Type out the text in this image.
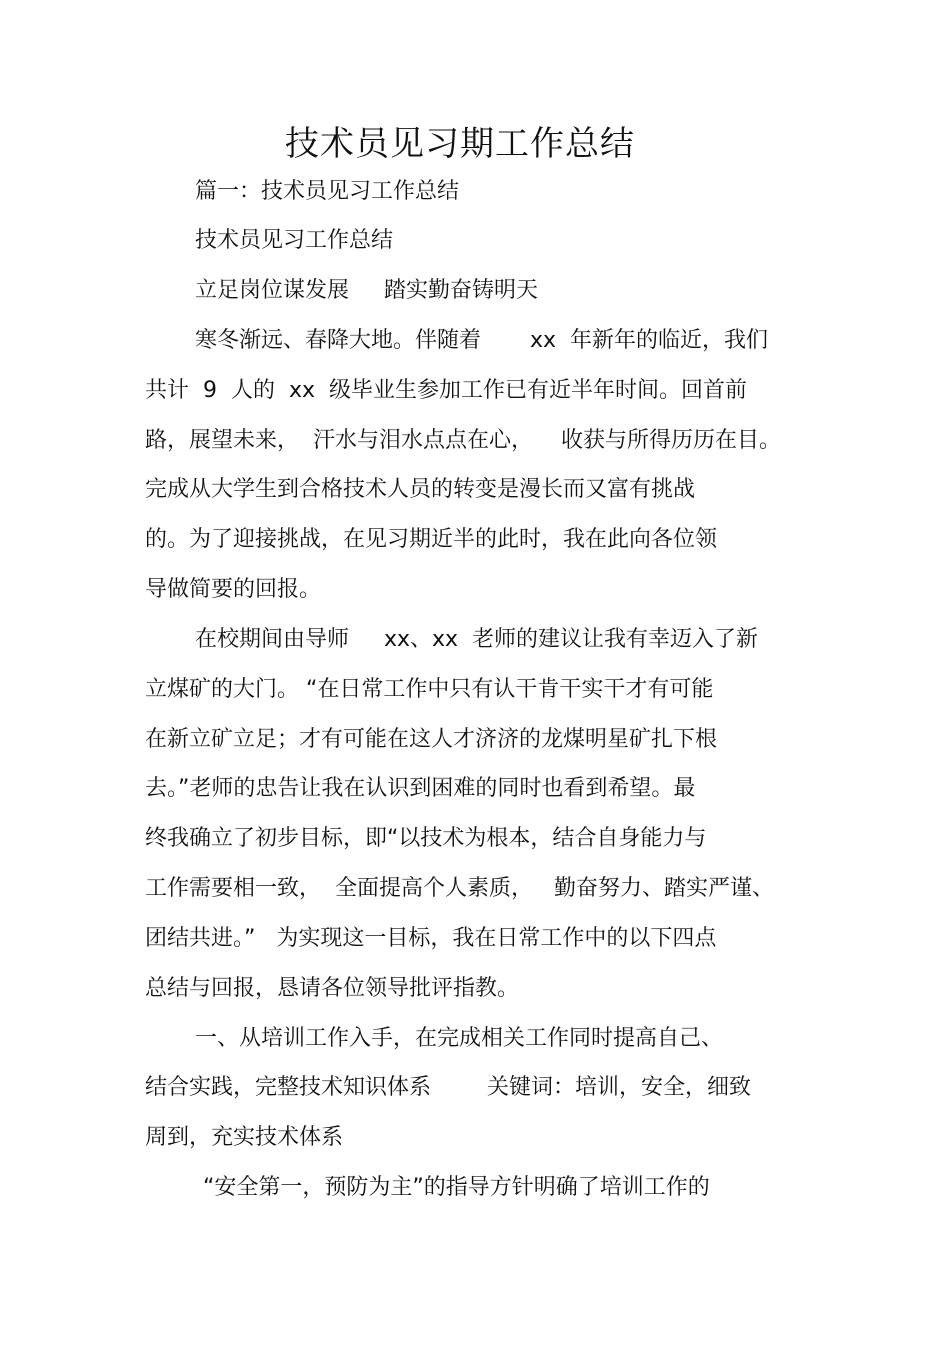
技术员见习期工作总结
篇一：技术员见习工作总结
技术员见习工作总结
立足岗位谋发展     踏实勤奋铸明天
寒冬渐远、春降大地。伴随着       xx  年新年的临近，我们
共计  9  人的  xx  级毕业生参加工作已有近半年时间。回首前
路，展望未来，  汗水与泪水点点在心，    收获与所得历历在目。
完成从大学生到合格技术人员的转变是漫长而又富有挑战
的。为了迎接挑战，在见习期近半的此时，我在此向各位领
导做简要的回报。
在校期间由导师     xx、xx  老师的建议让我有幸迈入了新
立煤矿的大门。 “在日常工作中只有认干肯干实干才有可能
在新立矿立足；才有可能在这人才济济的龙煤明星矿扎下根
去。”老师的忠告让我在认识到困难的同时也看到希望。最
终我确立了初步目标，即“以技术为根本，结合自身能力与
工作需要相一致，  全面提高个人素质，   勤奋努力、踏实严谨、
团结共进。”   为实现这一目标，我在日常工作中的以下四点
总结与回报，恳请各位领导批评指教。
一、从培训工作入手，在完成相关工作同时提高自己、
结合实践，完整技术知识体系        关键词：培训，安全，细致
周到，充实技术体系
“安全第一，预防为主”的指导方针明确了培训工作的
